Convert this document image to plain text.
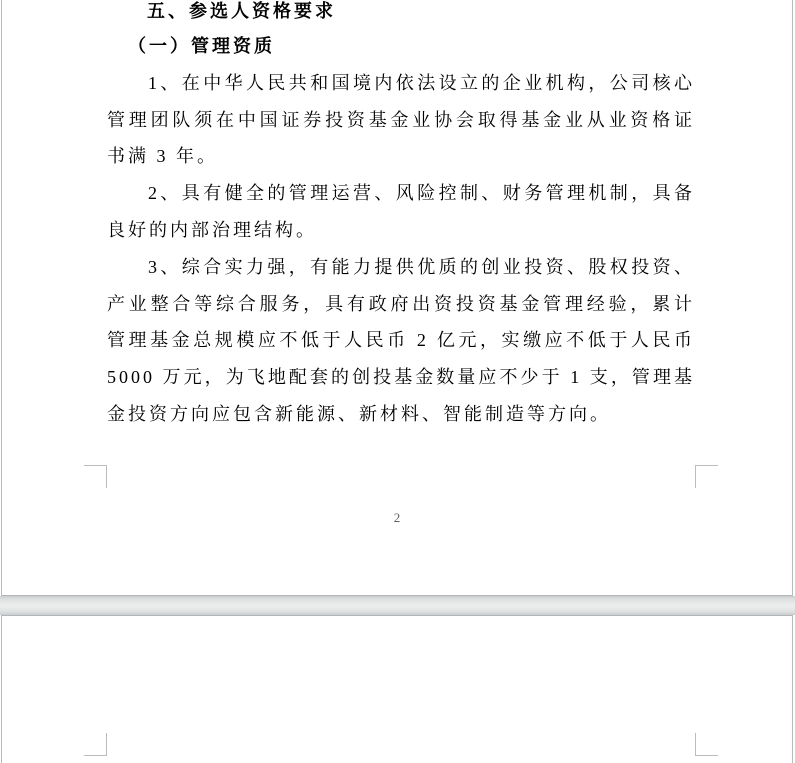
五、参选人资格要求
（一）管理资质
1、在中华人民共和国境内依法设立的企业机构，公司核心
管理团队须在中国证券投资基金业协会取得基金业从业资格证
书满 3 年。
2、具有健全的管理运营、风险控制、财务管理机制，具备
良好的内部治理结构。
3、综合实力强，有能力提供优质的创业投资、股权投资、
产业整合等综合服务，具有政府出资投资基金管理经验，累计
管理基金总规模应不低于人民币 2 亿元，实缴应不低于人民币
5000 万元，为飞地配套的创投基金数量应不少于 1 支，管理基
金投资方向应包含新能源、新材料、智能制造等方向。
2
